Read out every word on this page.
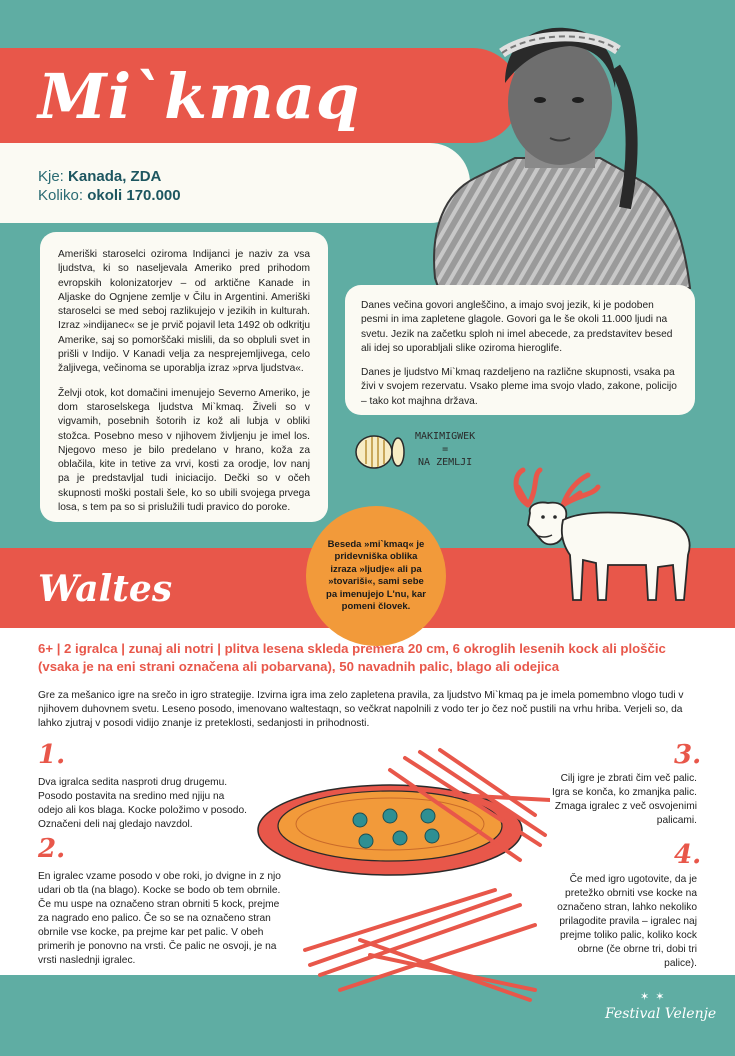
Mi`kmaq
Kje: Kanada, ZDA
Koliko: okoli 170.000

Ameriški staroselci oziroma Indijanci je naziv za vsa ljudstva, ki so naseljevala Ameriko pred prihodom evropskih kolonizatorjev – od arktične Kanade in Aljaske do Ognjene zemlje v Čilu in Argentini. Ameriški staroselci se med seboj razlikujejo v jezikih in kulturah. Izraz »indijanec« se je prvič pojavil leta 1492 ob odkritju Amerike, saj so pomorščaki mislili, da so obpluli svet in prišli v Indijo. V Kanadi velja za nesprejemljivega, celo žaljivega, večinoma se uporablja izraz »prva ljudstva«.

Želvji otok, kot domačini imenujejo Severno Ameriko, je dom staroselskega ljudstva Mi`kmaq. Živeli so v vigvamih, posebnih šotorih iz kož ali lubja v obliki stožca. Posebno meso v njihovem življenju je imel los. Njegovo meso je bilo predelano v hrano, koža za oblačila, kite in tetive za vrvi, kosti za orodje, lov nanj pa je predstavljal tudi iniciacijo. Dečki so v očeh skupnosti moški postali šele, ko so ubili svojega prvega losa, s tem pa so si prislužili tudi pravico do poroke.

Danes večina govori angleščino, a imajo svoj jezik, ki je podoben pesmi in ima zapletene glagole. Govori ga le še okoli 11.000 ljudi na svetu. Jezik na začetku sploh ni imel abecede, za predstavitev besed ali idej so uporabljali slike oziroma hieroglife.

Danes je ljudstvo Mi`kmaq razdeljeno na različne skupnosti, vsaka pa živi v svojem rezervatu. Vsako pleme ima svojo vlado, zakone, policijo – tako kot majhna država.

MAKIMIGWEK
=
NA ZEMLJI
Waltes
Beseda »mi`kmaq« je pridevniška oblika izraza »ljudje« ali pa »tovariši«, sami sebe pa imenujejo L'nu, kar pomeni človek.
6+ | 2 igralca | zunaj ali notri | plitva lesena skleda premera 20 cm, 6 okroglih lesenih kock ali ploščic (vsaka je na eni strani označena ali pobarvana), 50 navadnih palic, blago ali odejica
Gre za mešanico igre na srečo in igro strategije. Izvirna igra ima zelo zapletena pravila, za ljudstvo Mi`kmaq pa je imela pomembno vlogo tudi v njihovem duhovnem svetu. Leseno posodo, imenovano waltestaqn, so večkrat napolnili z vodo ter jo čez noč pustili na vrhu hriba. Verjeli so, da lahko zjutraj v posodi vidijo znanje iz preteklosti, sedanjosti in prihodnosti.
1.
Dva igralca sedita nasproti drug drugemu. Posodo postavita na sredino med njiju na odejo ali kos blaga. Kocke položimo v posodo. Označeni deli naj gledajo navzdol.
2.
En igralec vzame posodo v obe roki, jo dvigne in z njo udari ob tla (na blago). Kocke se bodo ob tem obrnile. Če mu uspe na označeno stran obrniti 5 kock, prejme za nagrado eno palico. Če so se na označeno stran obrnile vse kocke, pa prejme kar pet palic. V obeh primerih je ponovno na vrsti. Če palic ne osvoji, je na vrsti naslednji igralec.
3.
Cilj igre je zbrati čim več palic. Igra se konča, ko zmanjka palic. Zmaga igralec z več osvojenimi palicami.
4.
Če med igro ugotovite, da je pretežko obrniti vse kocke na označeno stran, lahko nekoliko prilagodite pravila – igralec naj prejme toliko palic, koliko kock obrne (če obrne tri, dobi tri palice).
✶✶
Festival Velenje
